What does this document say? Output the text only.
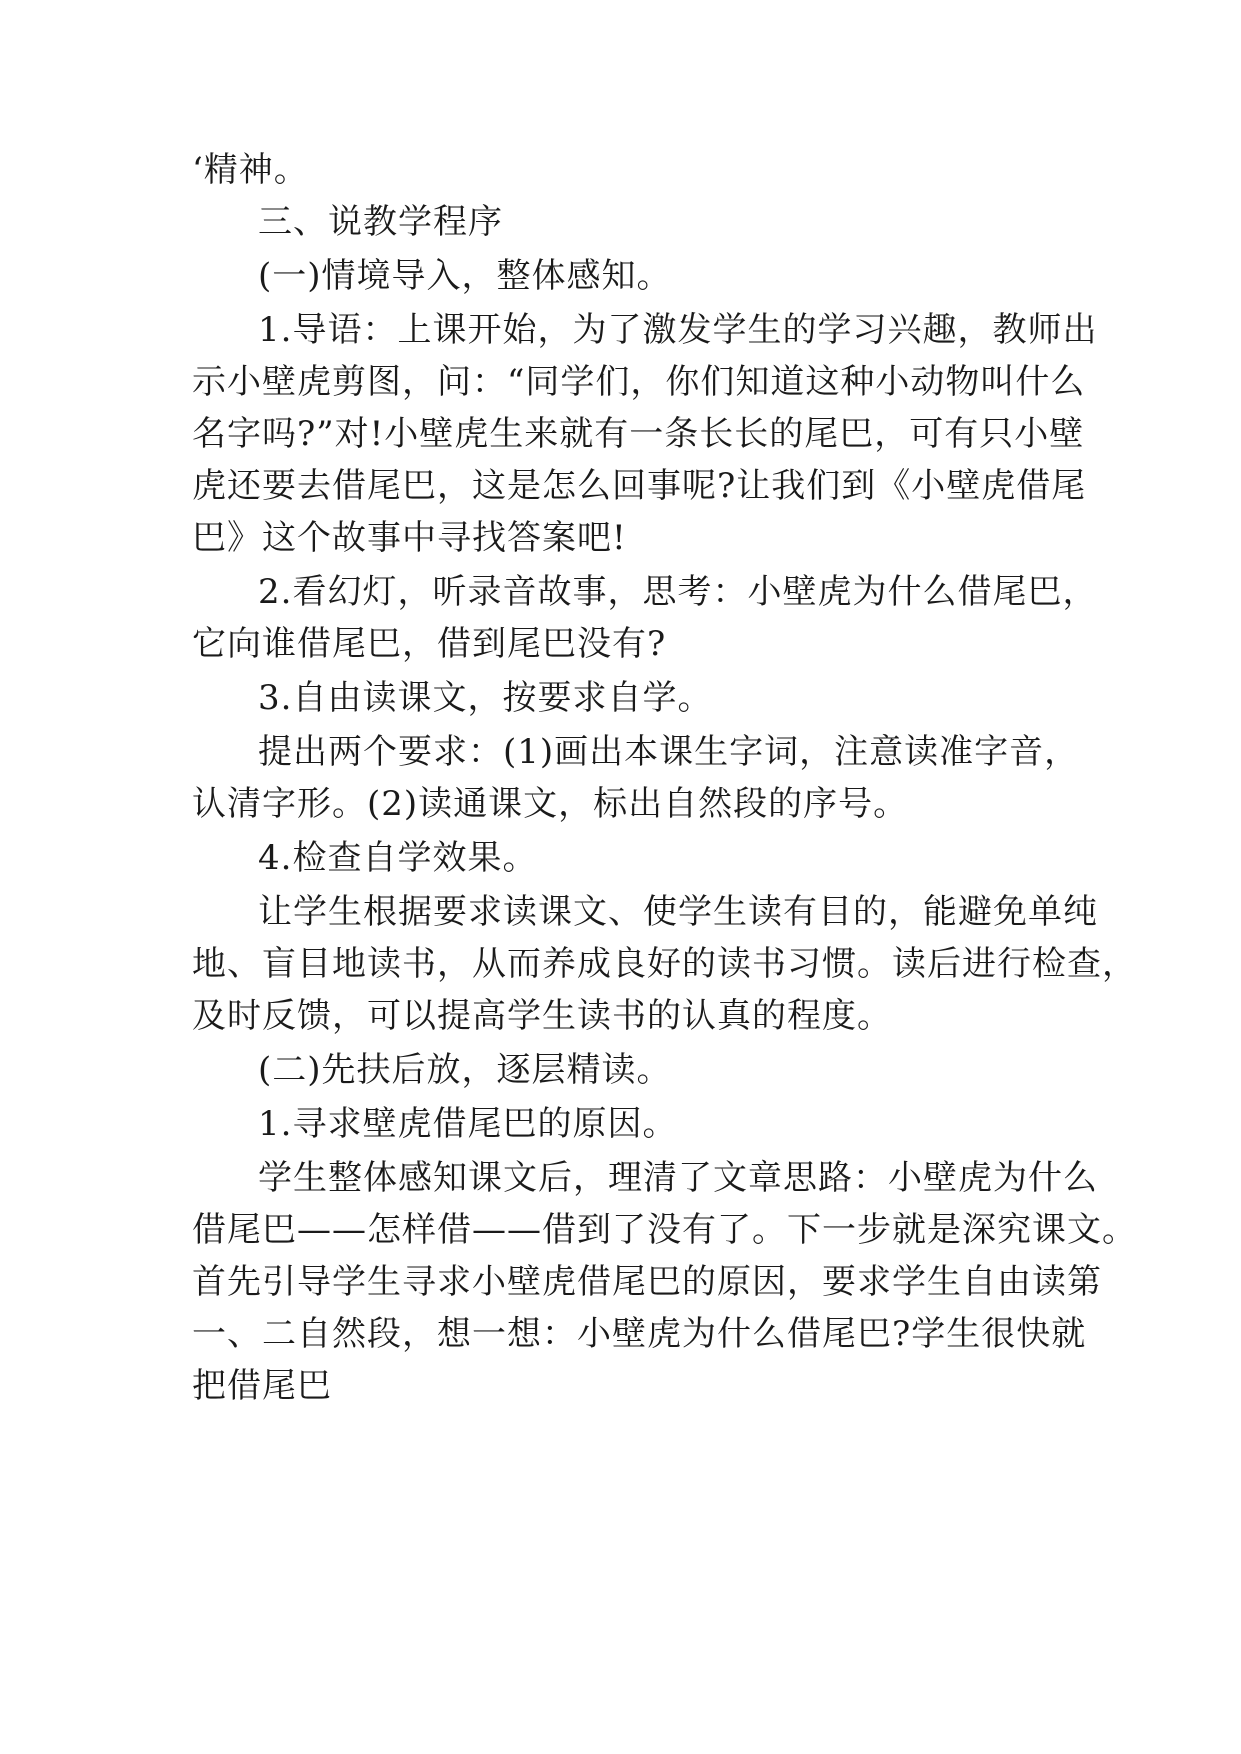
‘精神。
三、说教学程序
(一)情境导入，整体感知。
1.导语：上课开始，为了激发学生的学习兴趣，教师出
示小壁虎剪图，问：“同学们，你们知道这种小动物叫什么
名字吗?”对!小壁虎生来就有一条长长的尾巴，可有只小壁
虎还要去借尾巴，这是怎么回事呢?让我们到《小壁虎借尾
巴》这个故事中寻找答案吧!
2.看幻灯，听录音故事，思考：小壁虎为什么借尾巴，
它向谁借尾巴，借到尾巴没有?
3.自由读课文，按要求自学。
提出两个要求：(1)画出本课生字词，注意读准字音，
认清字形。(2)读通课文，标出自然段的序号。
4.检查自学效果。
让学生根据要求读课文、使学生读有目的，能避免单纯
地、盲目地读书，从而养成良好的读书习惯。读后进行检查，
及时反馈，可以提高学生读书的认真的程度。
(二)先扶后放，逐层精读。
1.寻求壁虎借尾巴的原因。
学生整体感知课文后，理清了文章思路：小壁虎为什么
借尾巴——怎样借——借到了没有了。下一步就是深究课文。
首先引导学生寻求小壁虎借尾巴的原因，要求学生自由读第
一、二自然段，想一想：小壁虎为什么借尾巴?学生很快就
把借尾巴
